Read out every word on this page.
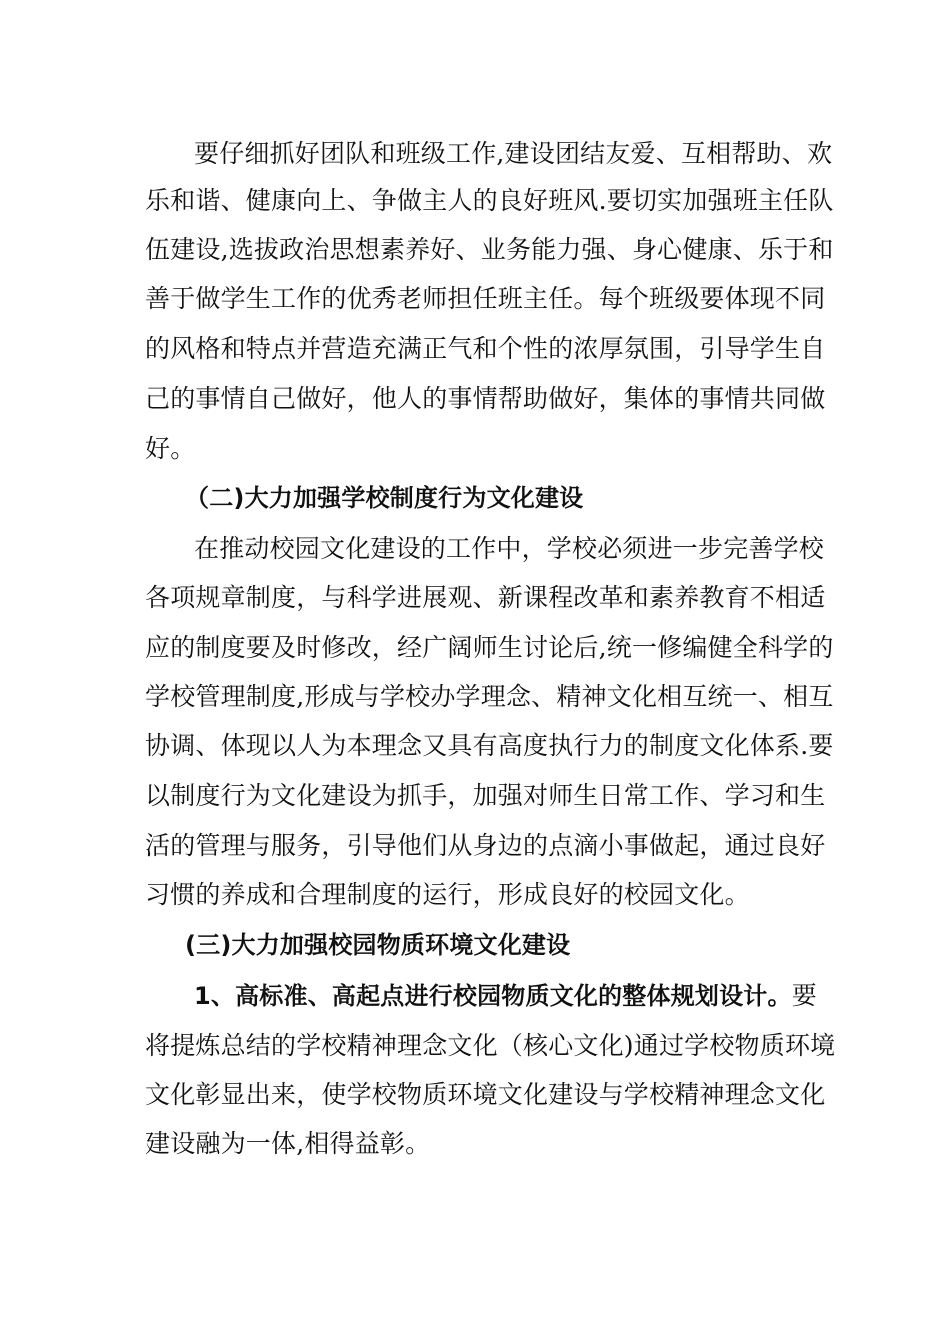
要仔细抓好团队和班级工作,建设团结友爱、互相帮助、欢
乐和谐、健康向上、争做主人的良好班风.要切实加强班主任队
伍建设,选拔政治思想素养好、业务能力强、身心健康、乐于和
善于做学生工作的优秀老师担任班主任。每个班级要体现不同
的风格和特点并营造充满正气和个性的浓厚氛围，引导学生自
己的事情自己做好，他人的事情帮助做好，集体的事情共同做
好。
（二)大力加强学校制度行为文化建设
在推动校园文化建设的工作中，学校必须进一步完善学校
各项规章制度，与科学进展观、新课程改革和素养教育不相适
应的制度要及时修改，经广阔师生讨论后,统一修编健全科学的
学校管理制度,形成与学校办学理念、精神文化相互统一、相互
协调、体现以人为本理念又具有高度执行力的制度文化体系.要
以制度行为文化建设为抓手，加强对师生日常工作、学习和生
活的管理与服务，引导他们从身边的点滴小事做起，通过良好
习惯的养成和合理制度的运行，形成良好的校园文化。
(三)大力加强校园物质环境文化建设
1、高标准、高起点进行校园物质文化的整体规划设计。要
将提炼总结的学校精神理念文化（核心文化)通过学校物质环境
文化彰显出来，使学校物质环境文化建设与学校精神理念文化
建设融为一体,相得益彰。
